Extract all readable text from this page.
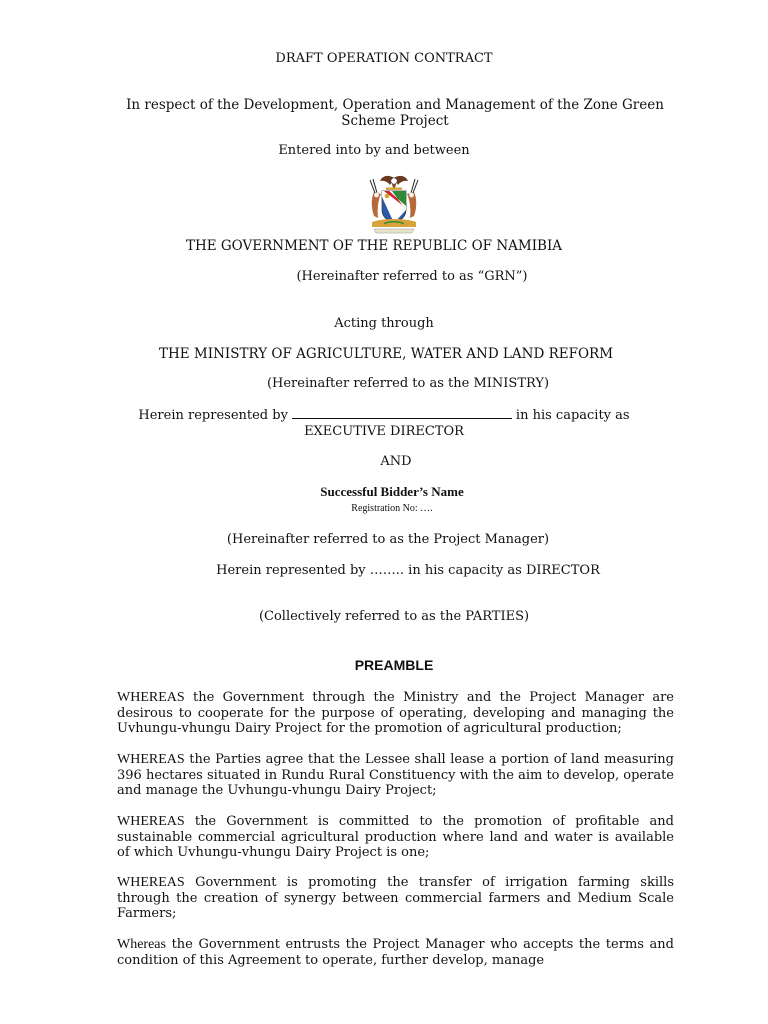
DRAFT OPERATION CONTRACT
In respect of the Development, Operation and Management of the Zone Green Scheme Project
Entered into by and between
THE GOVERNMENT OF THE REPUBLIC OF NAMIBIA
(Hereinafter referred to as “GRN”)
Acting through
THE MINISTRY OF AGRICULTURE, WATER AND LAND REFORM
(Hereinafter referred to as the MINISTRY)
Herein represented by	in his capacity as
EXECUTIVE DIRECTOR
AND
Successful Bidder’s Name
Registration No: ….
(Hereinafter referred to as the Project Manager)
Herein represented by …….. in his capacity as DIRECTOR
(Collectively referred to as the PARTIES)
PREAMBLE
WHEREAS the Government through the Ministry and the Project Manager are desirous to cooperate for the purpose of operating, developing and managing the Uvhungu-vhungu Dairy Project for the promotion of agricultural production;
WHEREAS the Parties agree that the Lessee shall lease a portion of land measuring 396 hectares situated in Rundu Rural Constituency with the aim to develop, operate and manage the Uvhungu-vhungu Dairy Project;
WHEREAS the Government is committed to the promotion of profitable and sustainable commercial agricultural production where land and water is available of which Uvhungu-vhungu Dairy Project is one;
WHEREAS Government is promoting the transfer of irrigation farming skills through the creation of synergy between commercial farmers and Medium Scale Farmers;
Whereas the Government entrusts the Project Manager who accepts the terms and condition of this Agreement to operate, further develop, manage
